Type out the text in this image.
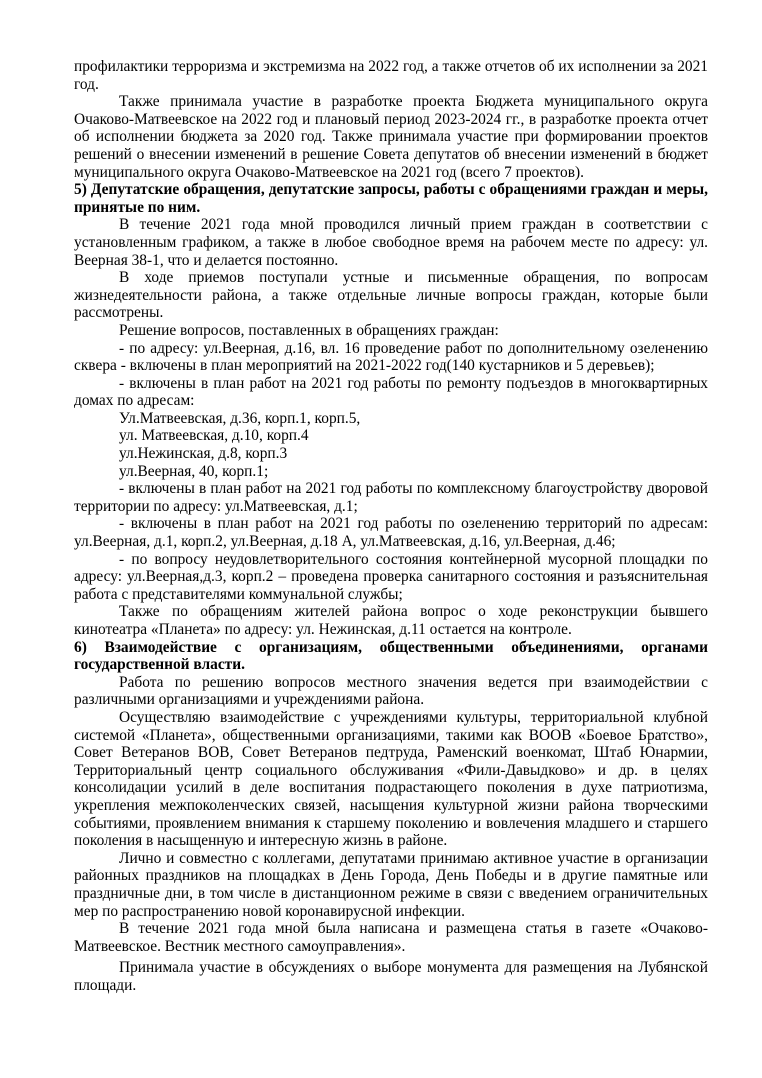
профилактики терроризма и экстремизма на 2022 год, а также отчетов об их исполнении за 2021 год.

Также принимала участие в разработке проекта Бюджета муниципального округа Очаково-Матвеевское на 2022 год и плановый период 2023-2024 гг., в разработке проекта отчет об исполнении бюджета за 2020 год. Также принимала участие при формировании проектов решений о внесении изменений в решение Совета депутатов об внесении изменений в бюджет муниципального округа Очаково-Матвеевское на 2021 год (всего 7 проектов).

5) Депутатские обращения, депутатские запросы, работы с обращениями граждан и меры, принятые по ним.

В течение 2021 года мной проводился личный прием граждан в соответствии с установленным графиком, а также в любое свободное время на рабочем месте по адресу: ул. Веерная 38-1, что и делается постоянно.

В ходе приемов поступали устные и письменные обращения, по вопросам жизнедеятельности района, а также отдельные личные вопросы граждан, которые были рассмотрены.

Решение вопросов, поставленных в обращениях граждан:

- по адресу: ул.Веерная, д.16, вл. 16 проведение работ по дополнительному озеленению сквера - включены в план мероприятий на 2021-2022 год(140 кустарников и 5 деревьев);

- включены в план работ на 2021 год работы по ремонту подъездов в многоквартирных домах по адресам:

Ул.Матвеевская, д.36, корп.1, корп.5,

ул. Матвеевская, д.10, корп.4

ул.Нежинская, д.8, корп.3

ул.Веерная, 40, корп.1;

- включены в план работ на 2021 год работы по комплексному благоустройству дворовой территории по адресу: ул.Матвеевская, д.1;

- включены в план работ на 2021 год работы по озеленению территорий по адресам: ул.Веерная, д.1, корп.2, ул.Веерная, д.18 А, ул.Матвеевская, д.16, ул.Веерная, д.46;

- по вопросу неудовлетворительного состояния контейнерной мусорной площадки по адресу: ул.Веерная,д.3, корп.2 – проведена проверка санитарного состояния и разъяснительная работа с представителями коммунальной службы;

Также по обращениям жителей района вопрос о ходе реконструкции бывшего кинотеатра «Планета» по адресу: ул. Нежинская, д.11 остается на контроле.

6) Взаимодействие с организациям, общественными объединениями, органами государственной власти.

Работа по решению вопросов местного значения ведется при взаимодействии с различными организациями и учреждениями района.

Осуществляю взаимодействие с учреждениями культуры, территориальной клубной системой «Планета», общественными организациями, такими как ВООВ «Боевое Братство», Совет Ветеранов ВОВ, Совет Ветеранов педтруда, Раменский военкомат, Штаб Юнармии, Территориальный центр социального обслуживания «Фили-Давыдково» и др. в целях консолидации усилий в деле воспитания подрастающего поколения в духе патриотизма, укрепления межпоколенческих связей, насыщения культурной жизни района творческими событиями, проявлением внимания к старшему поколению и вовлечения младшего и старшего поколения в насыщенную и интересную жизнь в районе.

Лично и совместно с коллегами, депутатами принимаю активное участие в организации районных праздников на площадках в День Города, День Победы и в другие памятные или праздничные дни, в том числе в дистанционном режиме в связи с введением ограничительных мер по распространению новой коронавирусной инфекции.

В течение 2021 года мной была написана и размещена статья в газете «Очаково-Матвеевское. Вестник местного самоуправления».

Принимала участие в обсуждениях о выборе монумента для размещения на Лубянской площади.
